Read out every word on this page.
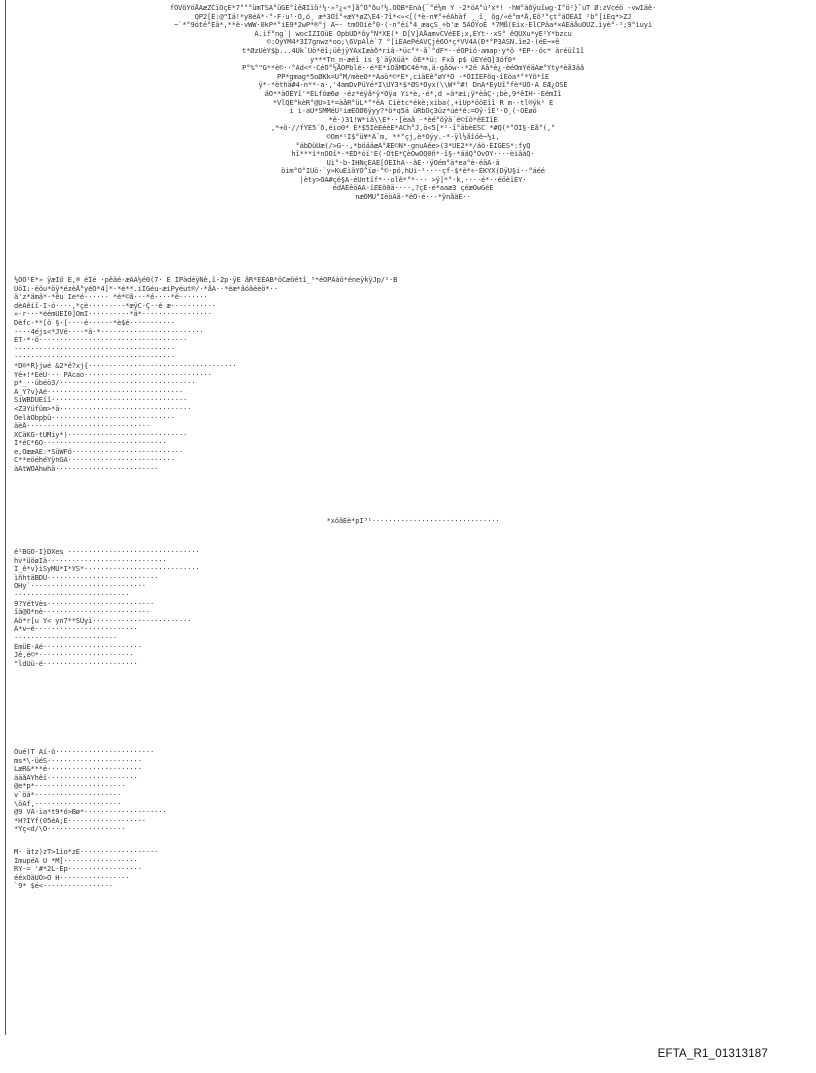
fÖVöYöÅÀæZCïÕçÉ*7°°°ümTSA°üGE°îêÆIïö¹½·»³¿«*]å^Ó°ðu³½.ÕÕB*Énà{¯°é½m Ý -2*öÄ°ú³x*! -hW°äðÿuîwg·Î°ö²}¯uT Ø:zVcéö -vwIäê·
QP2[Ê:@"Îä!*y8éÄ*·°-F·u¹·Ó,ó¸ æ*3Óî°+æY*øZ\È4·7î*<«<[(*è-n¥°+éÁhàf ¸_î¸ õg/«é°m*Å,Èõ³°çt°äÖÉÄÎ ²b°[iÈq*>ZJ
~`*°9óté°Èä*,**è-vWW·0kP*°iÈ9*2wP*®°j Ä~- tmOOíè°0·(-n°èí°4_æaçS_÷b'æ 5ÄÖYoÉ *7Mß(Eix-ElCPäa*×AÈäåuÕUZ.ìyè°·¹;9°ìuyì
Ä.ìf°ng`| wocÎZIOüE ÔpbÛD*õy°N*XE(* D[V]ÄÅamvCVéÉE;x,ÈYt··xS° êQÛXu*yÈ²Y*bzcu
©:OyYM4*3Î7gnwz*oo;\6VpAlè`7 °[ìÉÁePéÄVÇjê6Õ*ç*VV4Ä(Ð*°P3ÄSN.îe2·(éE¬×ê
t*ØzUèY$þ...4Ük`Üö*ëî;üêjÿÝÄxIæàð*riâ-*üc°*·å`°dF*·-éÖPió-amap·y*ö *ÉP·-öc* äréüî1î
y***Tn_n-æéî is §`äÿXüä* öÉ**ü: Fxâ p$ üÉYéQ]3óf0*
P°%°"G**è©··°Ád<*·CéÖ°½ÅÖPblé··é*É*iOåMDC4ê*m,ä·gåöw··*2ë Àå*è¿-èéOmYéäÃæ°Yty*èå3äâ
PP*gmag*5oØKk=Ü°M/mèeÖ**Äaö*©*È*,ciäÉê°øY*Ö -*ÔIÎÈFõq·îÉöa*°*Yõ*îÈ
ÿ*·*èthä#4-n**-a·,'4amDvPüYé*I\ÜY3*$*ØS*Öyx(\\W*°#! DnÄ*ÉyUî°fè*ÜÓ·Ä ÈÆ¿ÕSÈ
äO**àÖÈYî'*ËLfóæ6ø -éz*éÿå*ÿ*Òÿa Yi*è,·é*,d «ä*æi;ÿ*èäÇ·;bè,9*êÎH·-ÈémÎî
*VlQÈ°kèR°@U>1*=àåR°üL*°*ëÄ Ciètc*ékè;xiba(,+ìUp*ööEîî R m--tl®ÿk¹ È
i i-aÜ*SMMéÜ¹iæEÖØ6ÿyy?*ö*q5ä üRbÖç3üz*úé*é:=Oÿ·îÈ'·Ó¸(·OÈøö
*ê·)31!W*iä\\È*··[èaå -*èé°õÿä´é©îö*êÉÎîÉ
,*+ö-//fYE5´ð,éio0* È*$5IèEééÊ*ÄCh°J,ö<5[*¹·î°äbèËSC *#Q(*°ÖI§-Èå°(,°
©Om*¹Î$°ü¥*À¨m, **°çj,è*Óýy.·*·ÿl½åîóë~½i,
°äbDüUæ(/>G-·,*böääæÄ°ÆÉ©N*·gnuÄée>(3*UE2**/äö·ËIGÈS*:fyQ
hî***î*nÖOî*·*ÈD*óï'E(·ÓtÈ*ÇèÓwOQ0ñ*·î§-*áäQ°OvOY····èìâäQ·
Ui°·b·ÎHNçÈÄÈ[ÒÈIhA··ãÉ··ÿOém°ä*ea°è·éäA-ä
öim°Ö°IÜö·`y»KuÈìäYO^ïø·°©·pö,hUi·¹····çf·$*è*÷·ÉKYX(DÿU§i··°áéé
|èty>ÖÄ#çé§A-éUntîf*··olê*°*··· >ÿ]*°·k,····é*··éöèïÈY·
édÄÈêöÄA-ïÈÈõ0ä····,?çÉ·é*aaæ3 çéæOwGéÈ
næÖMU°IèöÄä·*éÓ·é···*ÿnåäÉ··
½ÖÖ¹É*» ÿæIö È,® éÎé ·pêäé-æÄÄ½é0(7· Ë ÎPàdéÿNè,ï-2p·ÿE åR*EÉÄB*öCæöétî_³*éOPÄàö*éneÿkÿJp/¹·B
ÜöÎ:-éöu*öÿ*ézèÅ°yéO*4]*·*é**.iÎGéu-æiPyéut®/·*åÁ··*éæ*âóãéèö*··
ä'z*ämâ*·*êu Ie*é······ *é*©å···*é····*é·······
dèÄêíî·I-ó····,*çé·········*æÿC·Ç··é æ···········
»·r···*éémUÉÎ0]OmI··········*ä*·················
Dëfc-**[ö §·[····é······*è$é···········
····4éjs<*JVé····*ä·*·························
ÈT·*·ö····································
·······································
·······································
*D®*R}jwé &2*ê?xj{····································
Yé+!*EéU··· PAcao·······························
p*_··übéö3/·································
Ä_Y?v}Áé·································
SiWBDÜEîî·································
<Z3Yüfüm>*ä································
ÖelàÖbpþü······························
äèÅ······························
XCäKG·tÜMiy*)·····························
Ï*éC*6O······························
e,OææÄE:*SüWFö···························
C**eöéhéYÿnGÄ··························
àÁtWÖAhwhä·························
*xöäEè*pI³¹·······························
é¹BGO-I}DXes ································
hv*üöøIä·····························
Î_ê*v}ìSyMÜ*I*YS*····························
ìñhtäBDÜ···························
OHy`····························
····························
9?YétVès··························
îä@Ö*nè··························
Äö*r[u Y< yn7**SÜyì························
Ä*v~é·························
·························
ÉmüE-Äé························
Jê,é©*·······················
"ldUü-é·······················
Öué)T Aí·ö························
ms*\·üéS·······················
LæR&***é·······················
ääåÄYhêï······················
@e*p*······················
v`öä*·····················
\öÄf,·····················
@9 VÄ-ia*t9*ó>Bø*····················
*H?ÎYf(05éA;É···················
*Yç<d/\O···················
M· ätz)zT>1io*zÈ···················
ImupéÄ U *M]··················
RY-= '#*2L-Èp··················
ééxÖäUÖ>O H·················
`9* $é<·················
EFTA_R1_01313187
